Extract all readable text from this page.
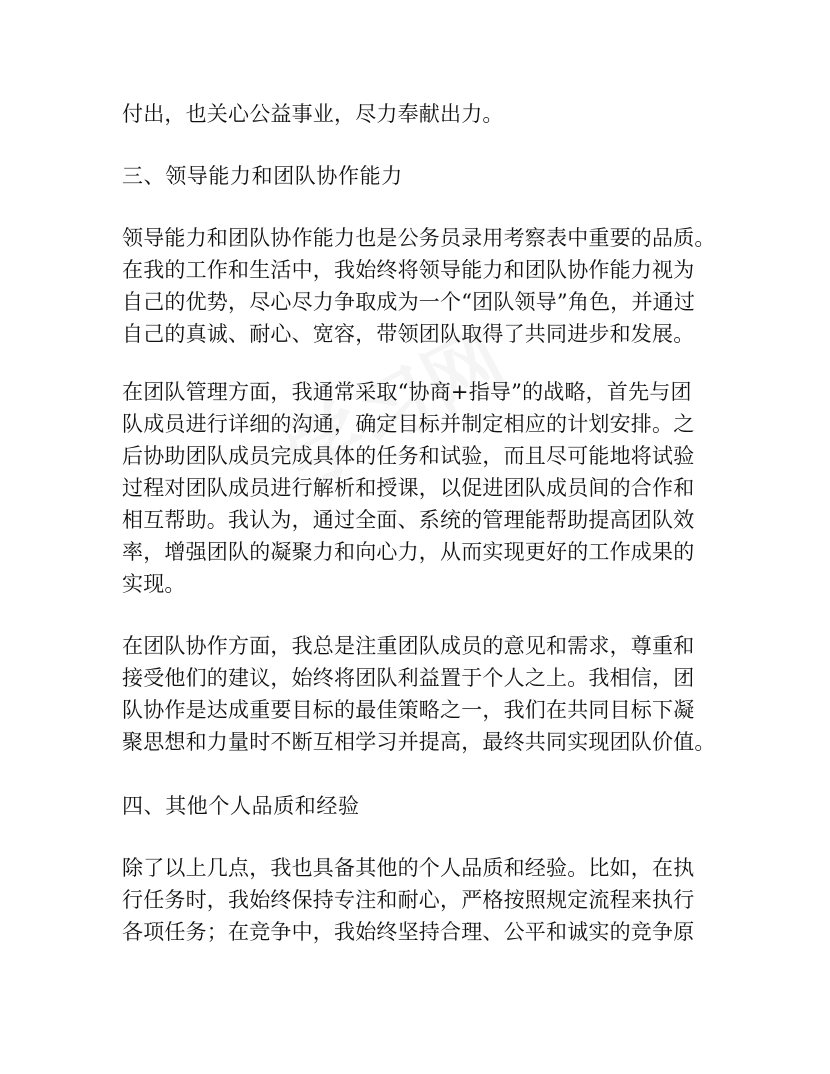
付出，也关心公益事业，尽力奉献出力。
三、领导能力和团队协作能力
领导能力和团队协作能力也是公务员录用考察表中重要的品质。
在我的工作和生活中，我始终将领导能力和团队协作能力视为
自己的优势，尽心尽力争取成为一个“团队领导”角色，并通过
自己的真诚、耐心、宽容，带领团队取得了共同进步和发展。
在团队管理方面，我通常采取“协商+指导”的战略，首先与团
队成员进行详细的沟通，确定目标并制定相应的计划安排。之
后协助团队成员完成具体的任务和试验，而且尽可能地将试验
过程对团队成员进行解析和授课，以促进团队成员间的合作和
相互帮助。我认为，通过全面、系统的管理能帮助提高团队效
率，增强团队的凝聚力和向心力，从而实现更好的工作成果的
实现。
在团队协作方面，我总是注重团队成员的意见和需求，尊重和
接受他们的建议，始终将团队利益置于个人之上。我相信，团
队协作是达成重要目标的最佳策略之一，我们在共同目标下凝
聚思想和力量时不断互相学习并提高，最终共同实现团队价值。
四、其他个人品质和经验
除了以上几点，我也具备其他的个人品质和经验。比如，在执
行任务时，我始终保持专注和耐心，严格按照规定流程来执行
各项任务；在竞争中，我始终坚持合理、公平和诚实的竞争原
